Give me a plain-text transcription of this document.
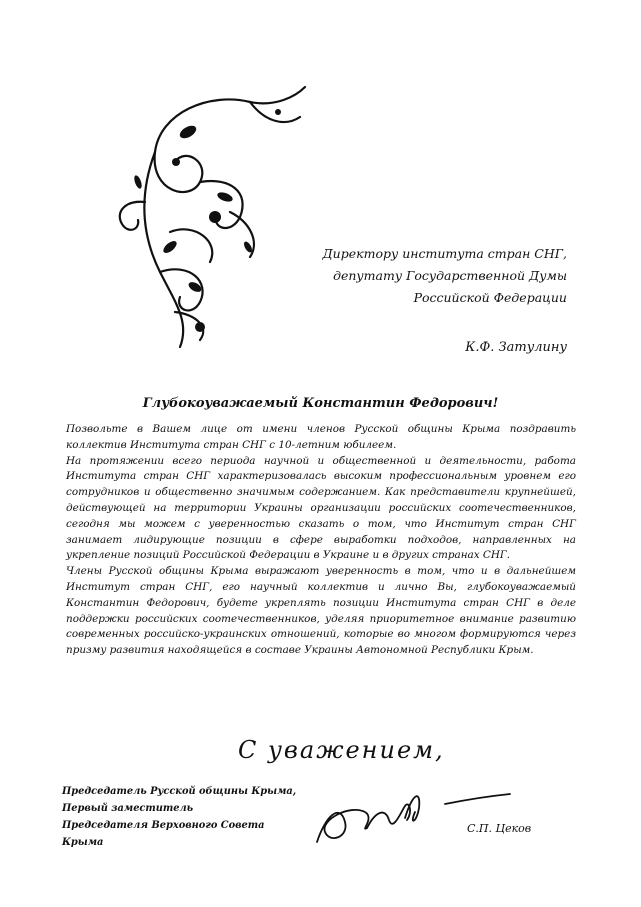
Директору института стран СНГ,
депутату Государственной Думы
Российской Федерации
К.Ф. Затулину
Глубокоуважаемый Константин Федорович!

Позвольте в Вашем лице от имени членов Русской общины Крыма поздравить коллектив Института стран СНГ с 10-летним юбилеем.

На протяжении всего периода научной и общественной и деятельности, работа Института стран СНГ характеризовалась высоким профессиональным уровнем его сотрудников и общественно значимым содержанием. Как представители крупнейшей, действующей на территории Украины организации российских соотечественников, сегодня мы можем с уверенностью сказать о том, что Институт стран СНГ занимает лидирующие позиции в сфере выработки подходов, направленных на укрепление позиций Российской Федерации в Украине и в других странах СНГ.

Члены Русской общины Крыма выражают уверенность в том, что и в дальнейшем Институт стран СНГ, его научный коллектив и лично Вы, глубокоуважаемый Константин Федорович, будете укреплять позиции Института стран СНГ в деле поддержки российских соотечественников, уделяя приоритетное внимание развитию современных российско-украинских отношений, которые во многом формируются через призму развития находящейся в составе Украины Автономной Республики Крым.

С уважением,
Председатель Русской общины Крыма,
Первый заместитель
Председателя Верховного Совета Крыма
С.П. Цеков
